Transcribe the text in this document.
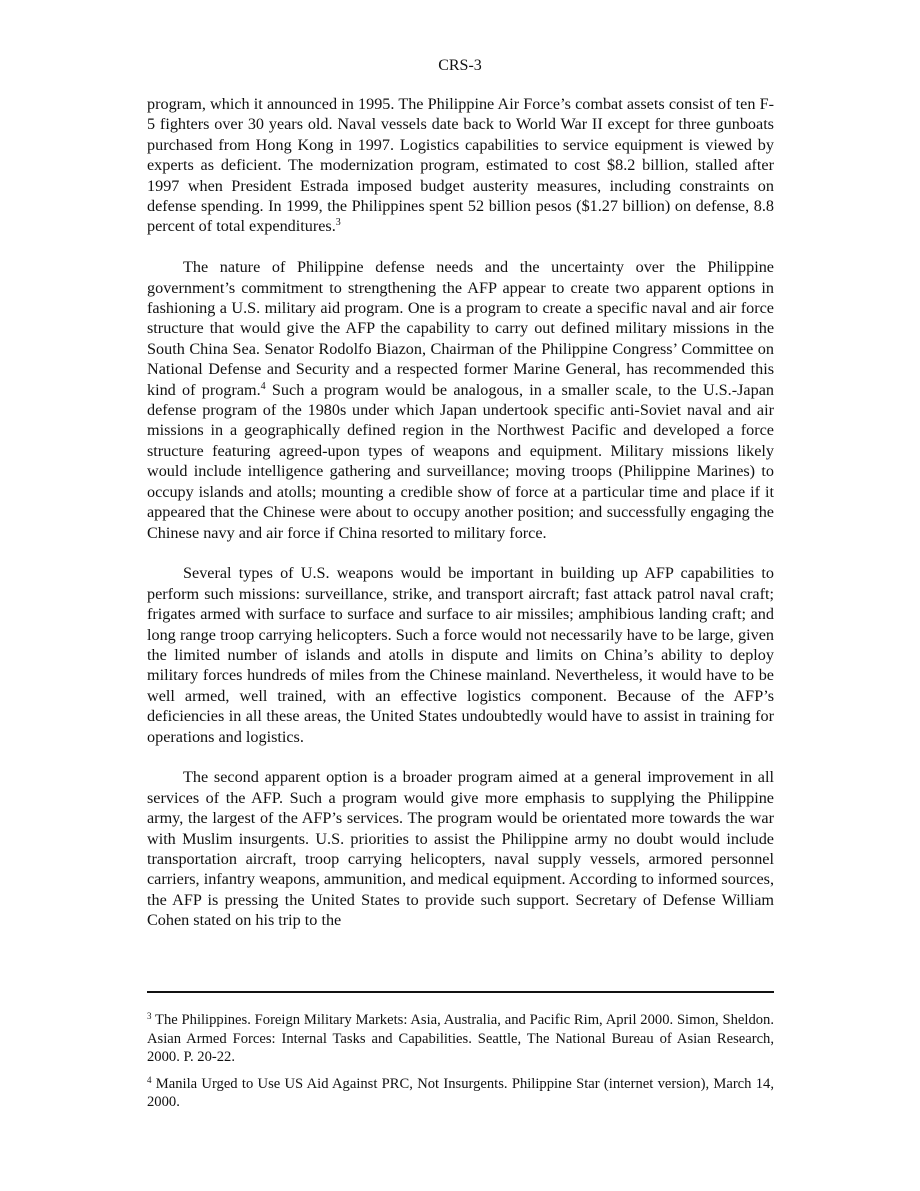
CRS-3

program, which it announced in 1995. The Philippine Air Force’s combat assets consist of ten F-5 fighters over 30 years old. Naval vessels date back to World War II except for three gunboats purchased from Hong Kong in 1997. Logistics capabilities to service equipment is viewed by experts as deficient. The modernization program, estimated to cost $8.2 billion, stalled after 1997 when President Estrada imposed budget austerity measures, including constraints on defense spending. In 1999, the Philippines spent 52 billion pesos ($1.27 billion) on defense, 8.8 percent of total expenditures.$^3$

The nature of Philippine defense needs and the uncertainty over the Philippine government’s commitment to strengthening the AFP appear to create two apparent options in fashioning a U.S. military aid program. One is a program to create a specific naval and air force structure that would give the AFP the capability to carry out defined military missions in the South China Sea. Senator Rodolfo Biazon, Chairman of the Philippine Congress’ Committee on National Defense and Security and a respected former Marine General, has recommended this kind of program.$^4$ Such a program would be analogous, in a smaller scale, to the U.S.-Japan defense program of the 1980s under which Japan undertook specific anti-Soviet naval and air missions in a geographically defined region in the Northwest Pacific and developed a force structure featuring agreed-upon types of weapons and equipment. Military missions likely would include intelligence gathering and surveillance; moving troops (Philippine Marines) to occupy islands and atolls; mounting a credible show of force at a particular time and place if it appeared that the Chinese were about to occupy another position; and successfully engaging the Chinese navy and air force if China resorted to military force.

Several types of U.S. weapons would be important in building up AFP capabilities to perform such missions: surveillance, strike, and transport aircraft; fast attack patrol naval craft; frigates armed with surface to surface and surface to air missiles; amphibious landing craft; and long range troop carrying helicopters. Such a force would not necessarily have to be large, given the limited number of islands and atolls in dispute and limits on China’s ability to deploy military forces hundreds of miles from the Chinese mainland. Nevertheless, it would have to be well armed, well trained, with an effective logistics component. Because of the AFP’s deficiencies in all these areas, the United States undoubtedly would have to assist in training for operations and logistics.

The second apparent option is a broader program aimed at a general improvement in all services of the AFP. Such a program would give more emphasis to supplying the Philippine army, the largest of the AFP’s services. The program would be orientated more towards the war with Muslim insurgents. U.S. priorities to assist the Philippine army no doubt would include transportation aircraft, troop carrying helicopters, naval supply vessels, armored personnel carriers, infantry weapons, ammunition, and medical equipment. According to informed sources, the AFP is pressing the United States to provide such support. Secretary of Defense William Cohen stated on his trip to the

$^3$ The Philippines. Foreign Military Markets: Asia, Australia, and Pacific Rim, April 2000. Simon, Sheldon. Asian Armed Forces: Internal Tasks and Capabilities. Seattle, The National Bureau of Asian Research, 2000. P. 20-22.
$^4$ Manila Urged to Use US Aid Against PRC, Not Insurgents. Philippine Star (internet version), March 14, 2000.
